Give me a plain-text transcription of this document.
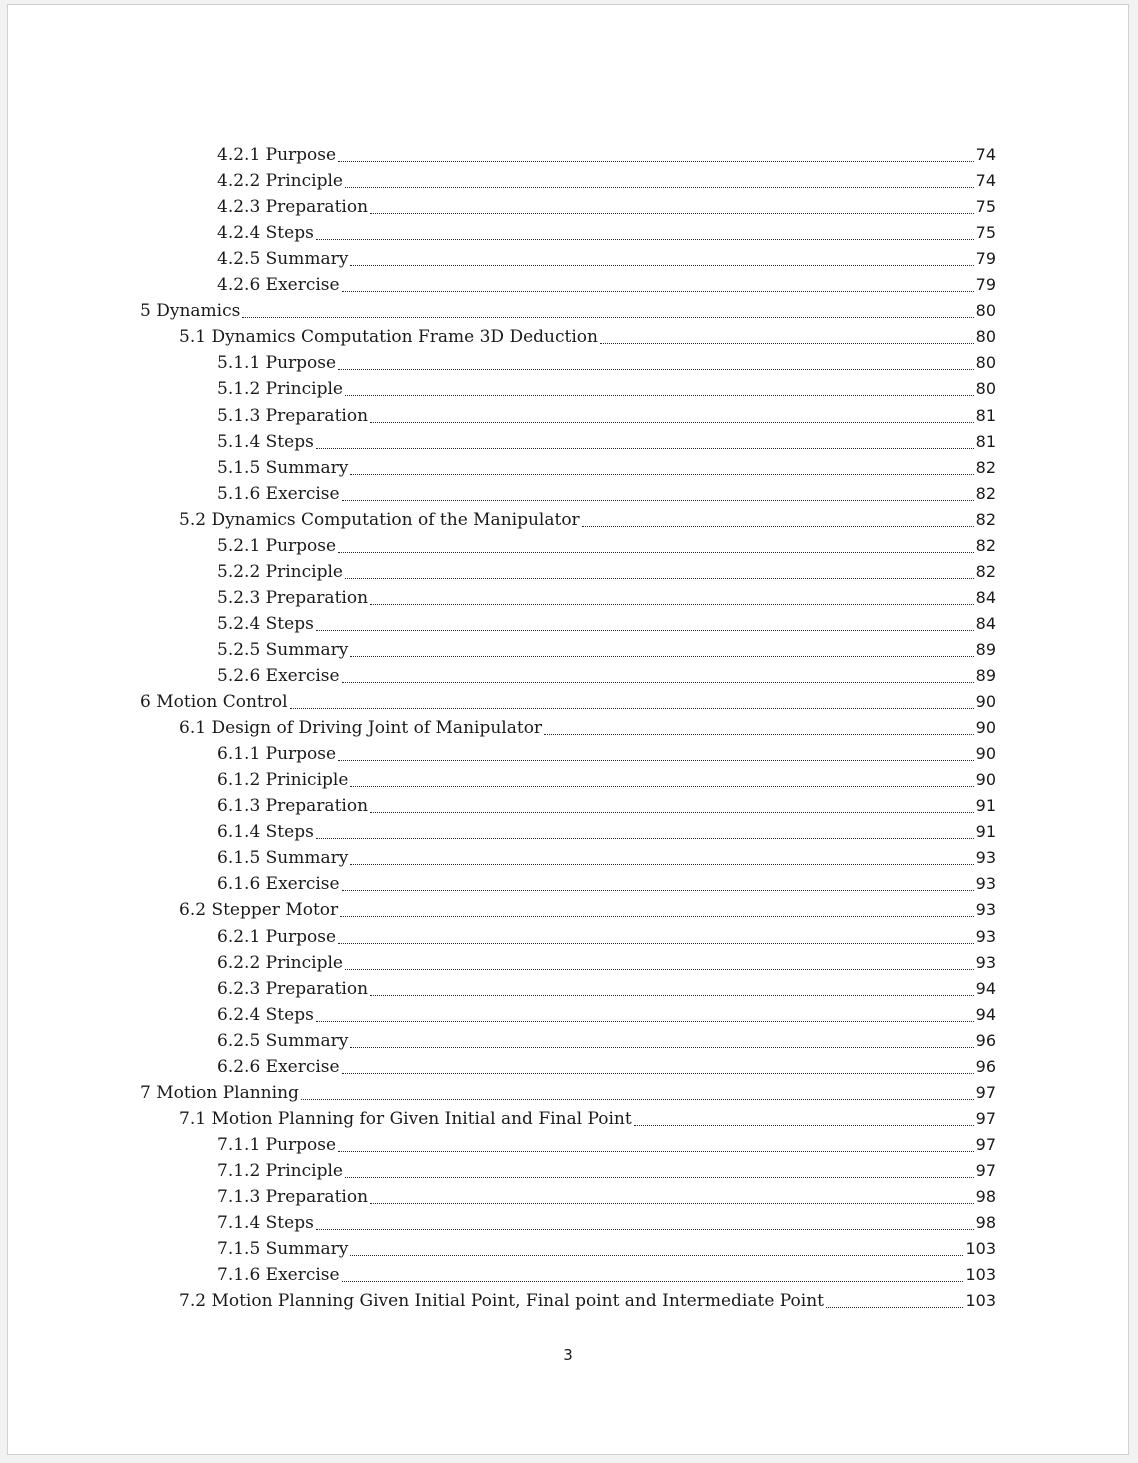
4.2.1 Purpose	74
4.2.2 Principle	74
4.2.3 Preparation	75
4.2.4 Steps	75
4.2.5 Summary	79
4.2.6 Exercise	79
5 Dynamics	80
5.1 Dynamics Computation Frame 3D Deduction	80
5.1.1 Purpose	80
5.1.2 Principle	80
5.1.3 Preparation	81
5.1.4 Steps	81
5.1.5 Summary	82
5.1.6 Exercise	82
5.2 Dynamics Computation of the Manipulator	82
5.2.1 Purpose	82
5.2.2 Principle	82
5.2.3 Preparation	84
5.2.4 Steps	84
5.2.5 Summary	89
5.2.6 Exercise	89
6 Motion Control	90
6.1 Design of Driving Joint of Manipulator	90
6.1.1 Purpose	90
6.1.2 Priniciple	90
6.1.3 Preparation	91
6.1.4 Steps	91
6.1.5 Summary	93
6.1.6 Exercise	93
6.2 Stepper Motor	93
6.2.1 Purpose	93
6.2.2 Principle	93
6.2.3 Preparation	94
6.2.4 Steps	94
6.2.5 Summary	96
6.2.6 Exercise	96
7 Motion Planning	97
7.1 Motion Planning for Given Initial and Final Point	97
7.1.1 Purpose	97
7.1.2 Principle	97
7.1.3 Preparation	98
7.1.4 Steps	98
7.1.5 Summary	103
7.1.6 Exercise	103
7.2 Motion Planning Given Initial Point, Final point and Intermediate Point	103
3
